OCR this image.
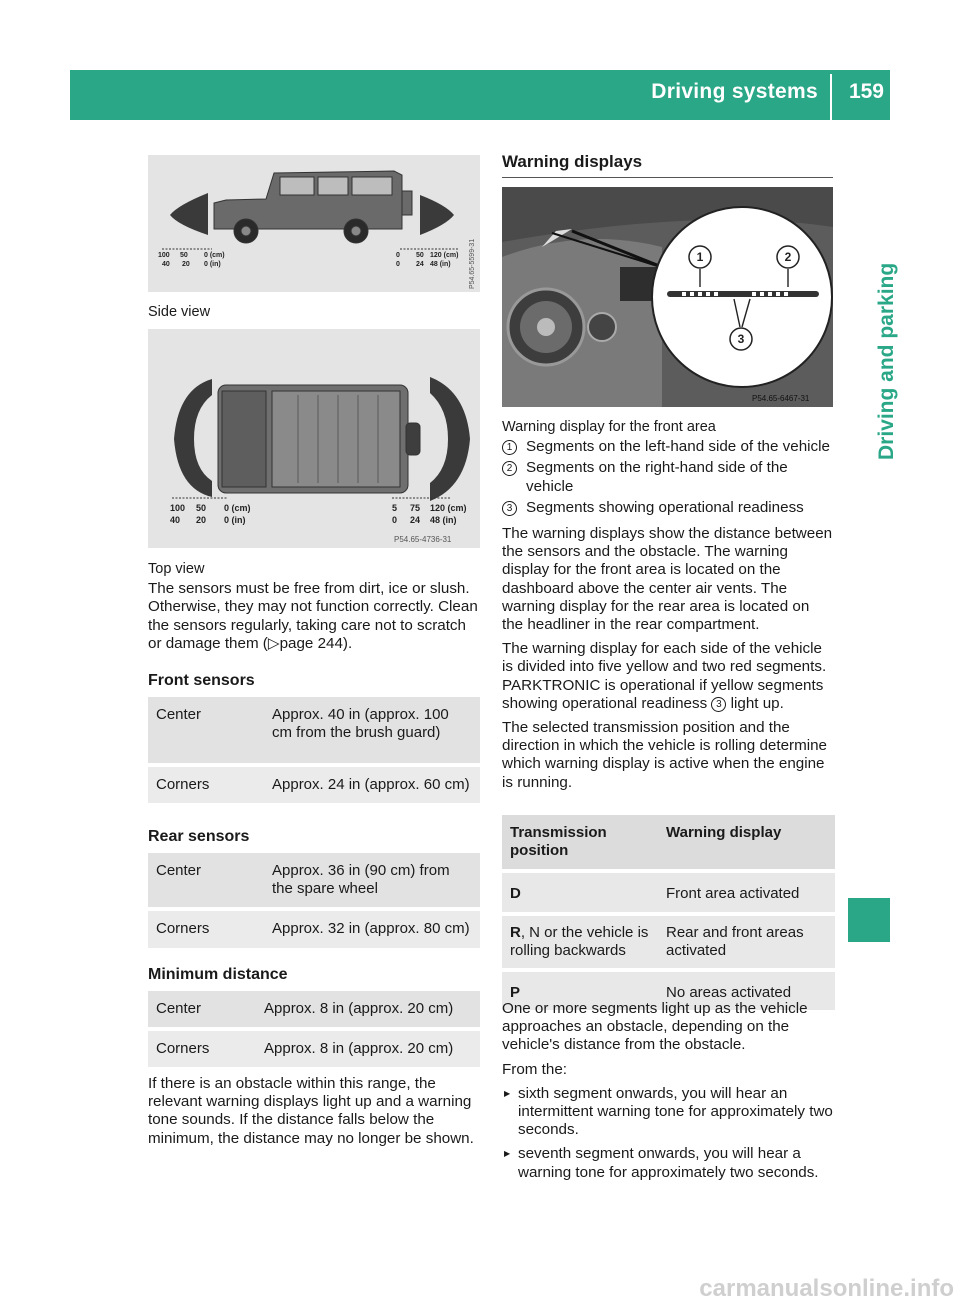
Driving systems 159
Driving and parking
100 50 0 (cm)
40 20 0 (in)
0 50 120 (cm)
0 24 48 (in)	P54.65-5599-31
Side view
100 50 0 (cm)
40 20 0 (in)
5 75 120 (cm)
0 24 48 (in)
P54.65-4736-31

Top view

The sensors must be free from dirt, ice or slush. Otherwise, they may not function correctly. Clean the sensors regularly, taking care not to scratch or damage them (▷page 244).

Front sensors
Center	Approx. 40 in (approx. 100 cm from the brush guard)
Corners	Approx. 24 in (approx. 60 cm)
Rear sensors
Center	Approx. 36 in (90 cm) from the spare wheel
Corners	Approx. 32 in (approx. 80 cm)
Minimum distance
Center	Approx. 8 in (approx. 20 cm)
Corners	Approx. 8 in (approx. 20 cm)

If there is an obstacle within this range, the relevant warning displays light up and a warning tone sounds. If the distance falls below the minimum, the distance may no longer be shown.

Warning displays
1	2
3
P54.65-6467-31

Warning display for the front area

1 Segments on the left-hand side of the vehicle
2 Segments on the right-hand side of the vehicle
3 Segments showing operational readiness

The warning displays show the distance between the sensors and the obstacle. The warning display for the front area is located on the dashboard above the center air vents. The warning display for the rear area is located on the headliner in the rear compartment.

The warning display for each side of the vehicle is divided into five yellow and two red segments. PARKTRONIC is operational if yellow segments showing operational readiness 3 light up.

The selected transmission position and the direction in which the vehicle is rolling determine which warning display is active when the engine is running.

Transmission position	Warning display
D	Front area activated
R, N or the vehicle is rolling backwards	Rear and front areas activated
P	No areas activated

One or more segments light up as the vehicle approaches an obstacle, depending on the vehicle's distance from the obstacle.

From the:

▶ sixth segment onwards, you will hear an intermittent warning tone for approximately two seconds.
▶ seventh segment onwards, you will hear a warning tone for approximately two seconds.
carmanualsonline.info
